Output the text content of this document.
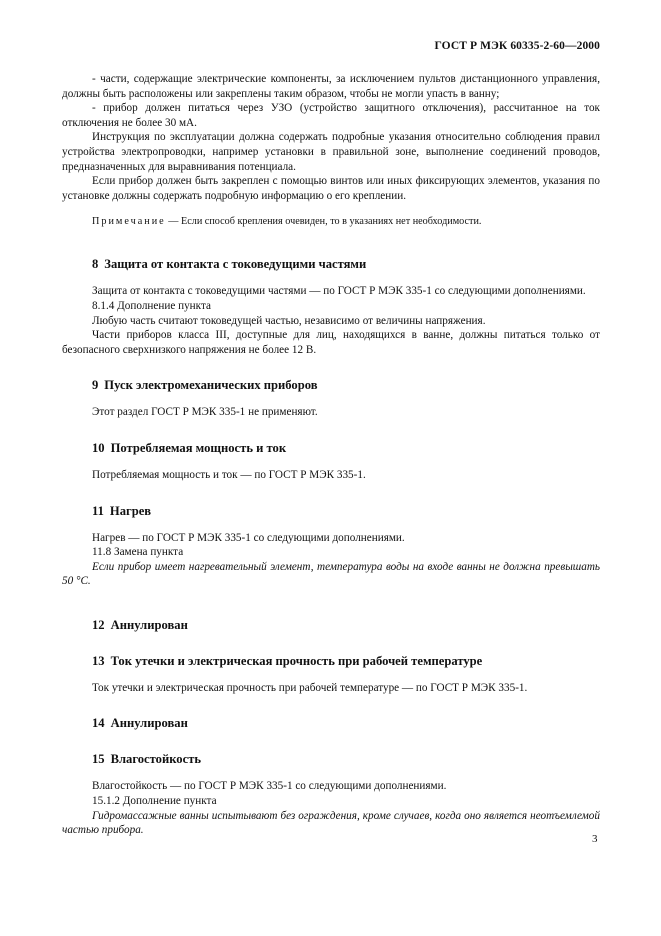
ГОСТ Р МЭК 60335-2-60—2000

- части, содержащие электрические компоненты, за исключением пультов дистанционного управления, должны быть расположены или закреплены таким образом, чтобы не могли упасть в ванну;

- прибор должен питаться через УЗО (устройство защитного отключения), рассчитанное на ток отключения не более 30 мА.

Инструкция по эксплуатации должна содержать подробные указания относительно соблюдения правил устройства электропроводки, например установки в правильной зоне, выполнение соединений проводов, предназначенных для выравнивания потенциала.

Если прибор должен быть закреплен с помощью винтов или иных фиксирующих элементов, указания по установке должны содержать подробную информацию о его креплении.

Примечание — Если способ крепления очевиден, то в указаниях нет необходимости.

8 Защита от контакта с токоведущими частями

Защита от контакта с токоведущими частями — по ГОСТ Р МЭК 335-1 со следующими дополнениями.

8.1.4 Дополнение пункта

Любую часть считают токоведущей частью, независимо от величины напряжения.

Части приборов класса III, доступные для лиц, находящихся в ванне, должны питаться только от безопасного сверхнизкого напряжения не более 12 В.

9 Пуск электромеханических приборов

Этот раздел ГОСТ Р МЭК 335-1 не применяют.

10 Потребляемая мощность и ток

Потребляемая мощность и ток — по ГОСТ Р МЭК 335-1.

11 Нагрев

Нагрев — по ГОСТ Р МЭК 335-1 со следующими дополнениями.

11.8 Замена пункта

Если прибор имеет нагревательный элемент, температура воды на входе ванны не должна превышать 50 °С.

12 Аннулирован
13 Ток утечки и электрическая прочность при рабочей температуре

Ток утечки и электрическая прочность при рабочей температуре — по ГОСТ Р МЭК 335-1.

14 Аннулирован
15 Влагостойкость

Влагостойкость — по ГОСТ Р МЭК 335-1 со следующими дополнениями.

15.1.2 Дополнение пункта

Гидромассажные ванны испытывают без ограждения, кроме случаев, когда оно является неотъемлемой частью прибора.

3
